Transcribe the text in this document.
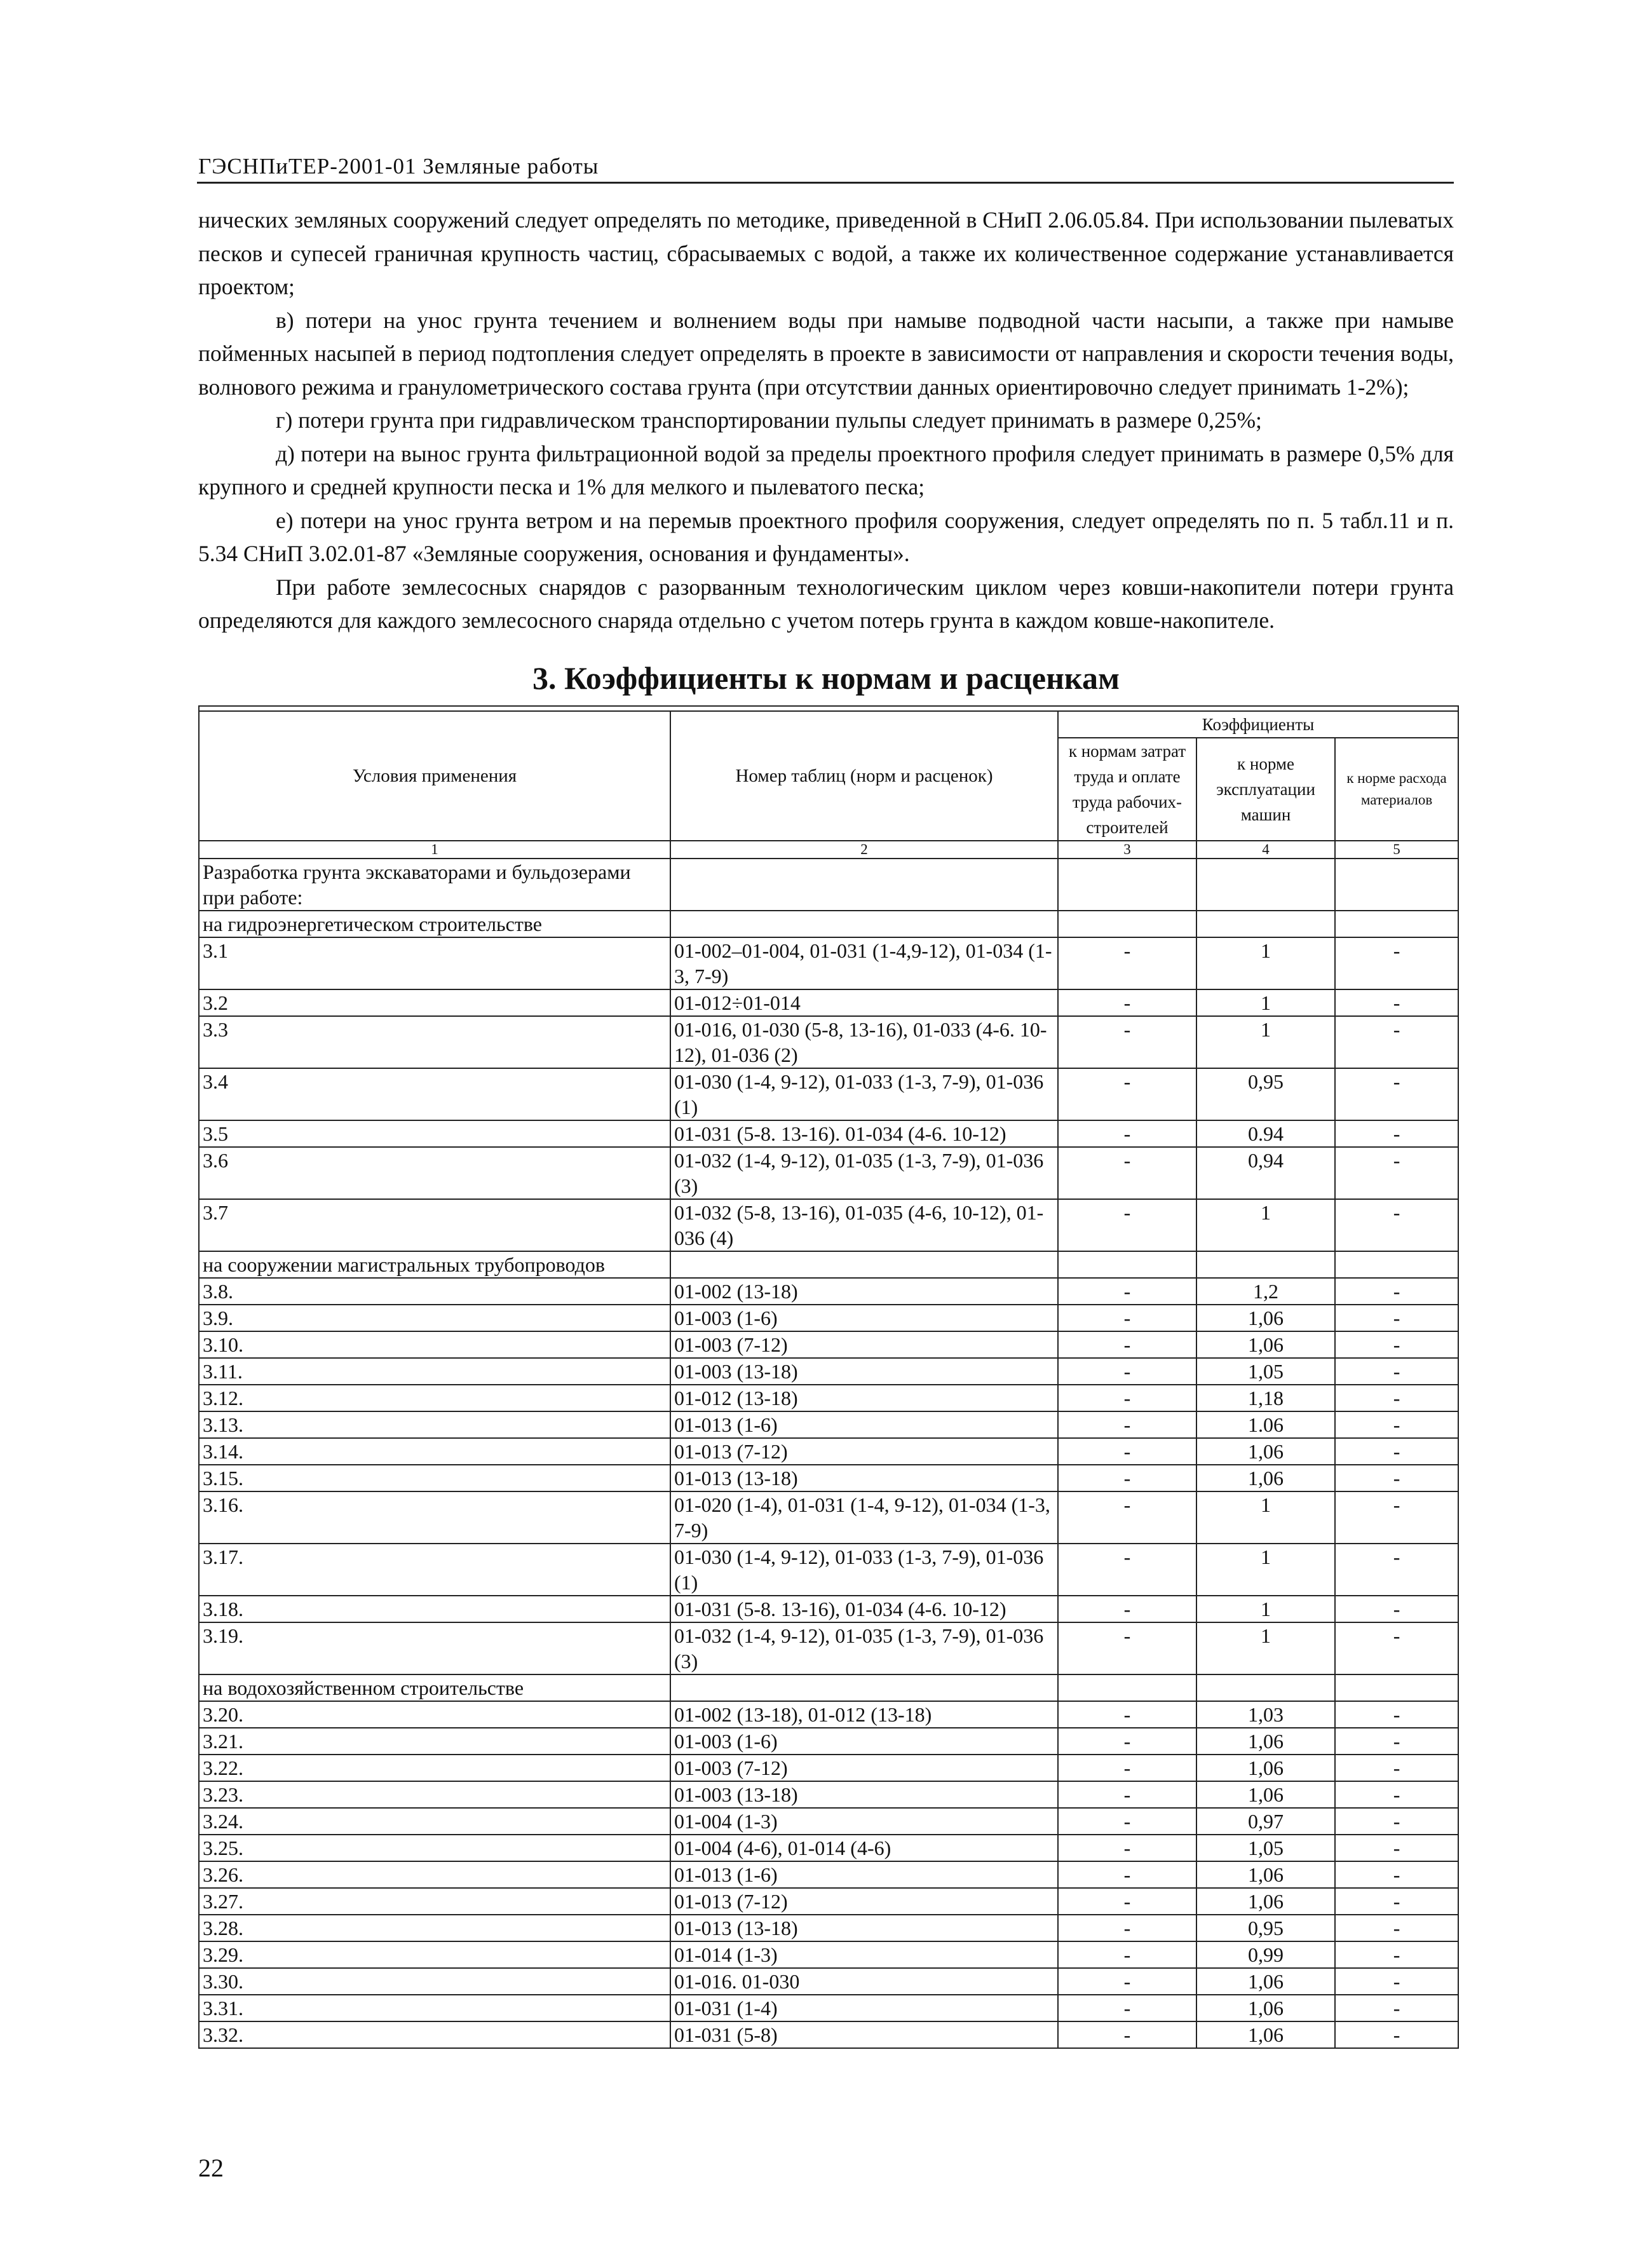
ГЭСНПиТЕР-2001-01 Земляные работы

нических земляных сооружений следует определять по методике, приведенной в СНиП 2.06.05.84. При использовании пылеватых песков и супесей граничная крупность частиц, сбрасываемых с водой, а также их количественное содержание устанавливается проектом;

в) потери на унос грунта течением и волнением воды при намыве подводной части насыпи, а также при намыве пойменных насыпей в период подтопления следует определять в проекте в зависимости от направления и скорости течения воды, волнового режима и гранулометрического состава грунта (при отсутствии данных ориентировочно следует принимать 1-2%);

г) потери грунта при гидравлическом транспортировании пульпы следует принимать в размере 0,25%;

д) потери на вынос грунта фильтрационной водой за пределы проектного профиля следует принимать в размере 0,5% для крупного и средней крупности песка и 1% для мелкого и пылеватого песка;

е) потери на унос грунта ветром и на перемыв проектного профиля сооружения, следует определять по п. 5 табл.11 и п. 5.34 СНиП 3.02.01-87 «Земляные сооружения, основания и фундаменты».

При работе землесосных снарядов с разорванным технологическим циклом через ковши-накопители потери грунта определяются для каждого землесосного снаряда отдельно с учетом потерь грунта в каждом ковше-накопителе.

3. Коэффициенты к нормам и расценкам

Условия применения	Номер таблиц (норм и расценок)	Коэффициенты		
		к нормам затрат труда и оплате труда рабочих-строителей	к норме эксплуатации машин	к норме расхода материалов
1	2	3	4	5
Разработка грунта экскаваторами и бульдозерами при работе:				
на гидроэнергетическом строительстве				
3.1	01-002–01-004, 01-031 (1-4,9-12), 01-034 (1-3, 7-9)	-	1	-
3.2	01-012÷01-014	-	1	-
3.3	01-016, 01-030 (5-8, 13-16), 01-033 (4-6. 10-12), 01-036 (2)	-	1	-
3.4	01-030 (1-4, 9-12), 01-033 (1-3, 7-9), 01-036 (1)	-	0,95	-
3.5	01-031 (5-8. 13-16). 01-034 (4-6. 10-12)	-	0.94	-
3.6	01-032 (1-4, 9-12), 01-035 (1-3, 7-9), 01-036 (3)	-	0,94	-
3.7	01-032 (5-8, 13-16), 01-035 (4-6, 10-12), 01-036 (4)	-	1	-
на сооружении магистральных трубопроводов				
3.8.	01-002 (13-18)	-	1,2	-
3.9.	01-003 (1-6)	-	1,06	-
3.10.	01-003 (7-12)	-	1,06	-
3.11.	01-003 (13-18)	-	1,05	-
3.12.	01-012 (13-18)	-	1,18	-
3.13.	01-013 (1-6)	-	1.06	-
3.14.	01-013 (7-12)	-	1,06	-
3.15.	01-013 (13-18)	-	1,06	-
3.16.	01-020 (1-4), 01-031 (1-4, 9-12), 01-034 (1-3, 7-9)	-	1	-
3.17.	01-030 (1-4, 9-12), 01-033 (1-3, 7-9), 01-036 (1)	-	1	-
3.18.	01-031 (5-8. 13-16), 01-034 (4-6. 10-12)	-	1	-
3.19.	01-032 (1-4, 9-12), 01-035 (1-3, 7-9), 01-036 (3)	-	1	-
на водохозяйственном строительстве				
3.20.	01-002 (13-18), 01-012 (13-18)	-	1,03	-
3.21.	01-003 (1-6)	-	1,06	-
3.22.	01-003 (7-12)	-	1,06	-
3.23.	01-003 (13-18)	-	1,06	-
3.24.	01-004 (1-3)	-	0,97	-
3.25.	01-004 (4-6), 01-014 (4-6)	-	1,05	-
3.26.	01-013 (1-6)	-	1,06	-
3.27.	01-013 (7-12)	-	1,06	-
3.28.	01-013 (13-18)	-	0,95	-
3.29.	01-014 (1-3)	-	0,99	-
3.30.	01-016. 01-030	-	1,06	-
3.31.	01-031 (1-4)	-	1,06	-
3.32.	01-031 (5-8)	-	1,06	-
22
